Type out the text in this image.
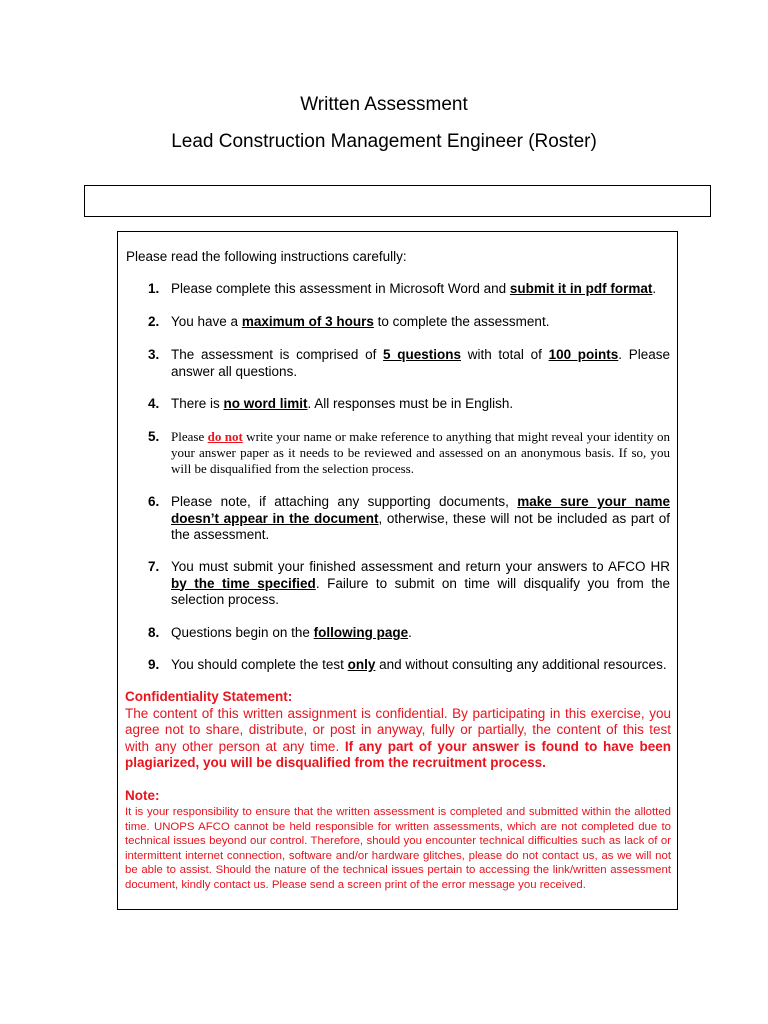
Written Assessment
Lead Construction Management Engineer (Roster)
Please read the following instructions carefully:
1. Please complete this assessment in Microsoft Word and submit it in pdf format.
2. You have a maximum of 3 hours to complete the assessment.
3. The assessment is comprised of 5 questions with total of 100 points. Please answer all questions.
4. There is no word limit. All responses must be in English.
5. Please do not write your name or make reference to anything that might reveal your identity on your answer paper as it needs to be reviewed and assessed on an anonymous basis. If so, you will be disqualified from the selection process.
6. Please note, if attaching any supporting documents, make sure your name doesn’t appear in the document, otherwise, these will not be included as part of the assessment.
7. You must submit your finished assessment and return your answers to AFCO HR by the time specified. Failure to submit on time will disqualify you from the selection process.
8. Questions begin on the following page.
9. You should complete the test only and without consulting any additional resources.
Confidentiality Statement:
The content of this written assignment is confidential. By participating in this exercise, you agree not to share, distribute, or post in anyway, fully or partially, the content of this test with any other person at any time. If any part of your answer is found to have been plagiarized, you will be disqualified from the recruitment process.
Note:
It is your responsibility to ensure that the written assessment is completed and submitted within the allotted time. UNOPS AFCO cannot be held responsible for written assessments, which are not completed due to technical issues beyond our control. Therefore, should you encounter technical difficulties such as lack of or intermittent internet connection, software and/or hardware glitches, please do not contact us, as we will not be able to assist. Should the nature of the technical issues pertain to accessing the link/written assessment document, kindly contact us. Please send a screen print of the error message you received.
